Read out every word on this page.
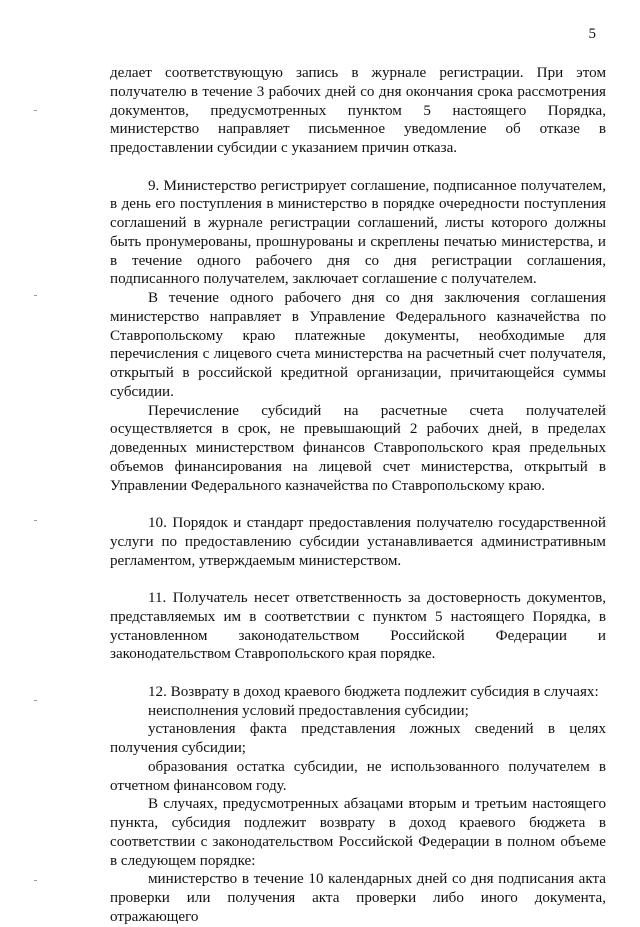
5

делает соответствующую запись в журнале регистрации. При этом получателю в течение 3 рабочих дней со дня окончания срока рассмотрения документов, предусмотренных пунктом 5 настоящего Порядка, министерство направляет письменное уведомление об отказе в предоставлении субсидии с указанием причин отказа.

9. Министерство регистрирует соглашение, подписанное получателем, в день его поступления в министерство в порядке очередности поступления соглашений в журнале регистрации соглашений, листы которого должны быть пронумерованы, прошнурованы и скреплены печатью министерства, и в течение одного рабочего дня со дня регистрации соглашения, подписанного получателем, заключает соглашение с получателем.

В течение одного рабочего дня со дня заключения соглашения министерство направляет в Управление Федерального казначейства по Ставропольскому краю платежные документы, необходимые для перечисления с лицевого счета министерства на расчетный счет получателя, открытый в российской кредитной организации, причитающейся суммы субсидии.

Перечисление субсидий на расчетные счета получателей осуществляется в срок, не превышающий 2 рабочих дней, в пределах доведенных министерством финансов Ставропольского края предельных объемов финансирования на лицевой счет министерства, открытый в Управлении Федерального казначейства по Ставропольскому краю.

10. Порядок и стандарт предоставления получателю государственной услуги по предоставлению субсидии устанавливается административным регламентом, утверждаемым министерством.

11. Получатель несет ответственность за достоверность документов, представляемых им в соответствии с пунктом 5 настоящего Порядка, в установленном законодательством Российской Федерации и законодательством Ставропольского края порядке.

12. Возврату в доход краевого бюджета подлежит субсидия в случаях:

неисполнения условий предоставления субсидии;

установления факта представления ложных сведений в целях получения субсидии;

образования остатка субсидии, не использованного получателем в отчетном финансовом году.

В случаях, предусмотренных абзацами вторым и третьим настоящего пункта, субсидия подлежит возврату в доход краевого бюджета в соответствии с законодательством Российской Федерации в полном объеме в следующем порядке:

министерство в течение 10 календарных дней со дня подписания акта проверки или получения акта проверки либо иного документа, отражающего
